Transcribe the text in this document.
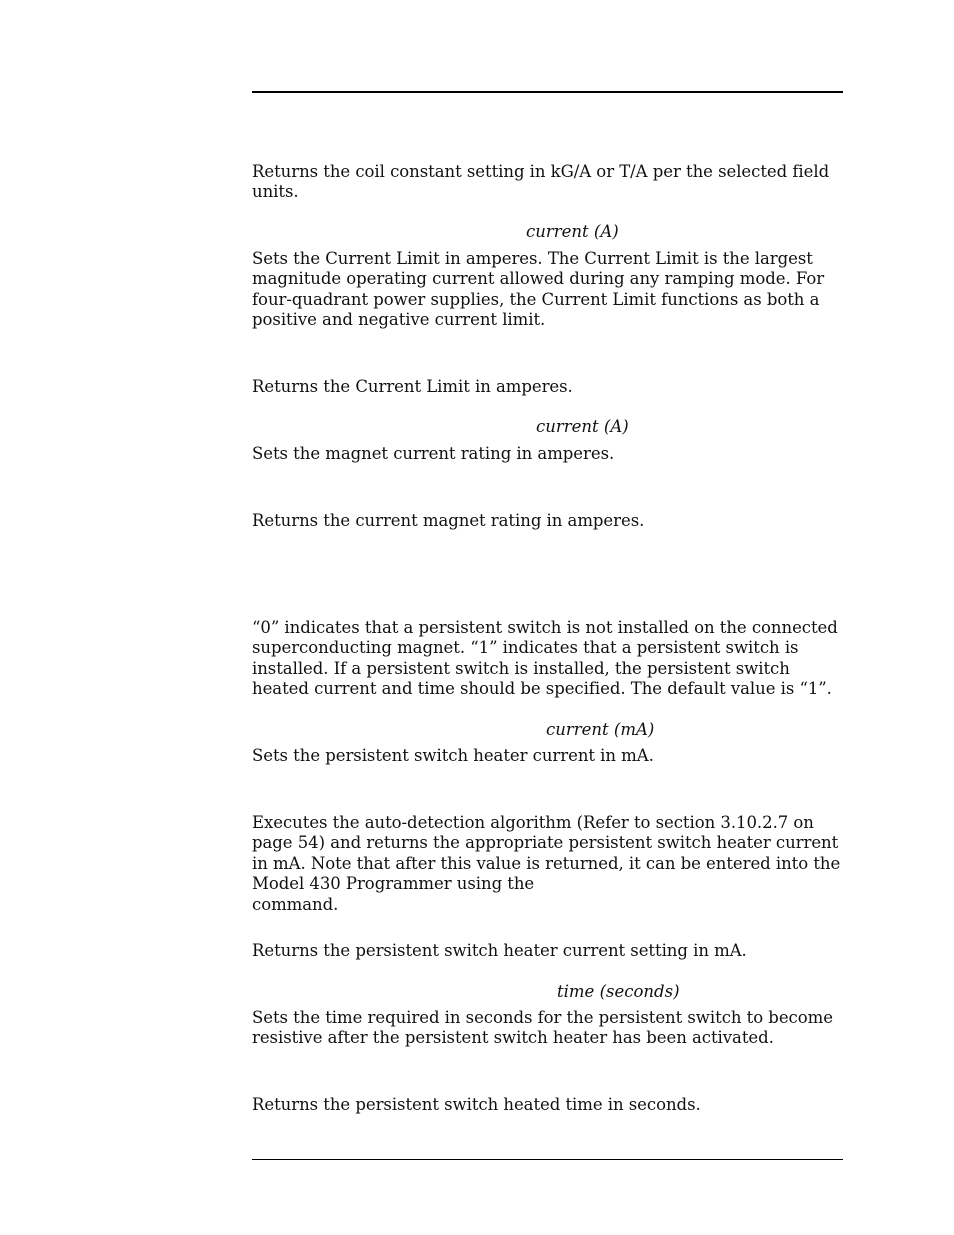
Returns the coil constant setting in kG/A or T/A per the selected field units.
current (A)
Sets the Current Limit in amperes. The Current Limit is the largest magnitude operating current allowed during any ramping mode. For four-quadrant power supplies, the Current Limit functions as both a positive and negative current limit.
Returns the Current Limit in amperes.
current (A)
Sets the magnet current rating in amperes.
Returns the current magnet rating in amperes.
“0” indicates that a persistent switch is not installed on the connected superconducting magnet. “1” indicates that a persistent switch is installed. If a persistent switch is installed, the persistent switch heated current and time should be specified. The default value is “1”.
current (mA)
Sets the persistent switch heater current in mA.
Executes the auto-detection algorithm (Refer to section 3.10.2.7 on page 54) and returns the appropriate persistent switch heater current in mA. Note that after this value is returned, it can be entered into the Model 430 Programmer using thecommand.
Returns the persistent switch heater current setting in mA.
time (seconds)
Sets the time required in seconds for the persistent switch to become resistive after the persistent switch heater has been activated.
Returns the persistent switch heated time in seconds.
